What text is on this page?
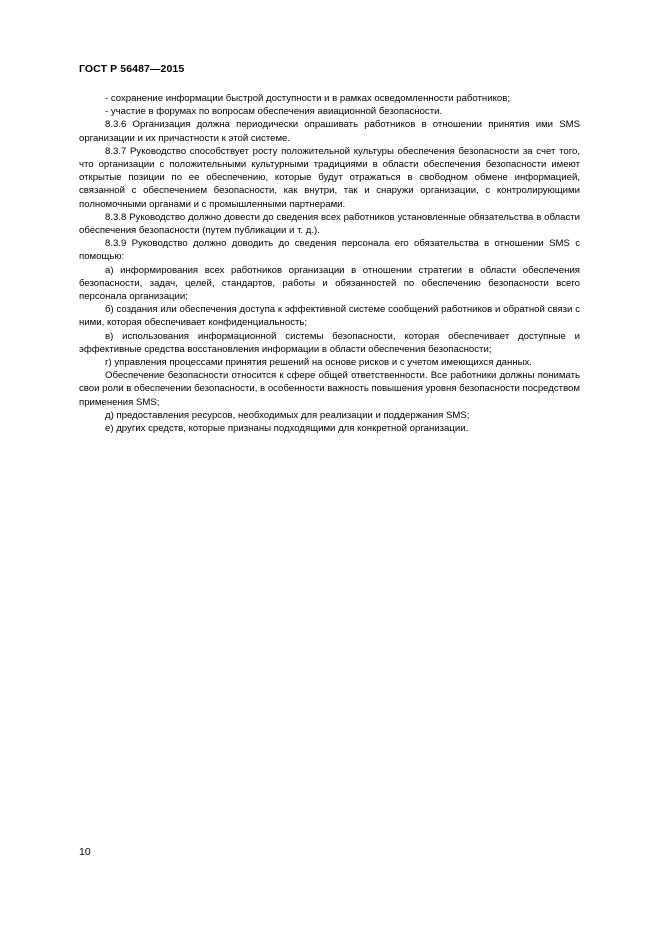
ГОСТ Р 56487—2015

- сохранение информации быстрой доступности и в рамках осведомленности работников;

- участие в форумах по вопросам обеспечения авиационной безопасности.

8.3.6 Организация должна периодически опрашивать работников в отношении принятия ими SMS организации и их причастности к этой системе.

8.3.7 Руководство способствует росту положительной культуры обеспечения безопасности за счет того, что организации с положительными культурными традициями в области обеспечения безопасности имеют открытые позиции по ее обеспечению, которые будут отражаться в свободном обмене информацией, связанной с обеспечением безопасности, как внутри, так и снаружи организации, с контролирующими полномочными органами и с промышленными партнерами.

8.3.8 Руководство должно довести до сведения всех работников установленные обязательства в области обеспечения безопасности (путем публикации и т. д.).

8.3.9 Руководство должно доводить до сведения персонала его обязательства в отношении SMS с помощью:

а) информирования всех работников организации в отношении стратегии в области обеспечения безопасности, задач, целей, стандартов, работы и обязанностей по обеспечению безопасности всего персонала организации;

б) создания или обеспечения доступа к эффективной системе сообщений работников и обратной связи с ними, которая обеспечивает конфиденциальность;

в) использования информационной системы безопасности, которая обеспечивает доступные и эффективные средства восстановления информации в области обеспечения безопасности;

г) управления процессами принятия решений на основе рисков и с учетом имеющихся данных.

Обеспечение безопасности относится к сфере общей ответственности. Все работники должны понимать свои роли в обеспечении безопасности, в особенности важность повышения уровня безопасности посредством применения SMS;

д) предоставления ресурсов, необходимых для реализации и поддержания SMS;

е) других средств, которые признаны подходящими для конкретной организации.

10
